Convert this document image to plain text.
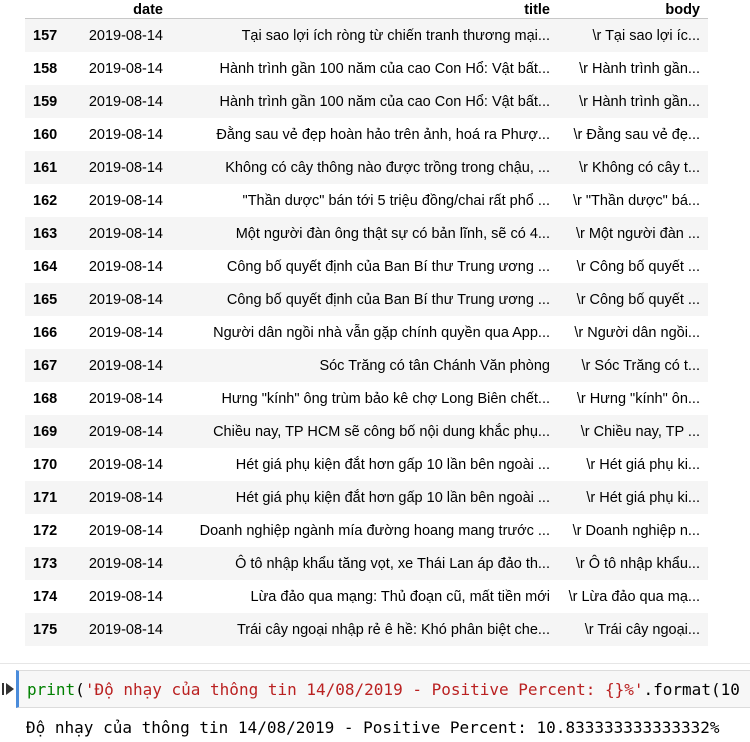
	date	title	body
157	2019-08-14	Tại sao lợi ích ròng từ chiến tranh thương mại...	\r Tại sao lợi íc...
158	2019-08-14	Hành trình gần 100 năm của cao Con Hổ: Vật bất...	\r Hành trình gần...
159	2019-08-14	Hành trình gần 100 năm của cao Con Hổ: Vật bất...	\r Hành trình gần...
160	2019-08-14	Đằng sau vẻ đẹp hoàn hảo trên ảnh, hoá ra Phượ...	\r Đằng sau vẻ đẹ...
161	2019-08-14	Không có cây thông nào được trồng trong chậu, ...	\r Không có cây t...
162	2019-08-14	"Thần dược" bán tới 5 triệu đồng/chai rất phổ ...	\r "Thần dược" bá...
163	2019-08-14	Một người đàn ông thật sự có bản lĩnh, sẽ có 4...	\r Một người đàn ...
164	2019-08-14	Công bố quyết định của Ban Bí thư Trung ương ...	\r Công bố quyết ...
165	2019-08-14	Công bố quyết định của Ban Bí thư Trung ương ...	\r Công bố quyết ...
166	2019-08-14	Người dân ngồi nhà vẫn gặp chính quyền qua App...	\r Người dân ngồi...
167	2019-08-14	Sóc Trăng có tân Chánh Văn phòng	\r Sóc Trăng có t...
168	2019-08-14	Hưng "kính" ông trùm bảo kê chợ Long Biên chết...	\r Hưng "kính" ôn...
169	2019-08-14	Chiều nay, TP HCM sẽ công bố nội dung khắc phụ...	\r Chiều nay, TP ...
170	2019-08-14	Hét giá phụ kiện đắt hơn gấp 10 lần bên ngoài ...	\r Hét giá phụ ki...
171	2019-08-14	Hét giá phụ kiện đắt hơn gấp 10 lần bên ngoài ...	\r Hét giá phụ ki...
172	2019-08-14	Doanh nghiệp ngành mía đường hoang mang trước ...	\r Doanh nghiệp n...
173	2019-08-14	Ô tô nhập khẩu tăng vọt, xe Thái Lan áp đảo th...	\r Ô tô nhập khẩu...
174	2019-08-14	Lừa đảo qua mạng: Thủ đoạn cũ, mất tiền mới	\r Lừa đảo qua mạ...
175	2019-08-14	Trái cây ngoại nhập rẻ ê hề: Khó phân biệt che...	\r Trái cây ngoại...
print('Độ nhạy của thông tin 14/08/2019 - Positive Percent: {}%'.format(10
Độ nhạy của thông tin 14/08/2019 - Positive Percent: 10.833333333333332%
